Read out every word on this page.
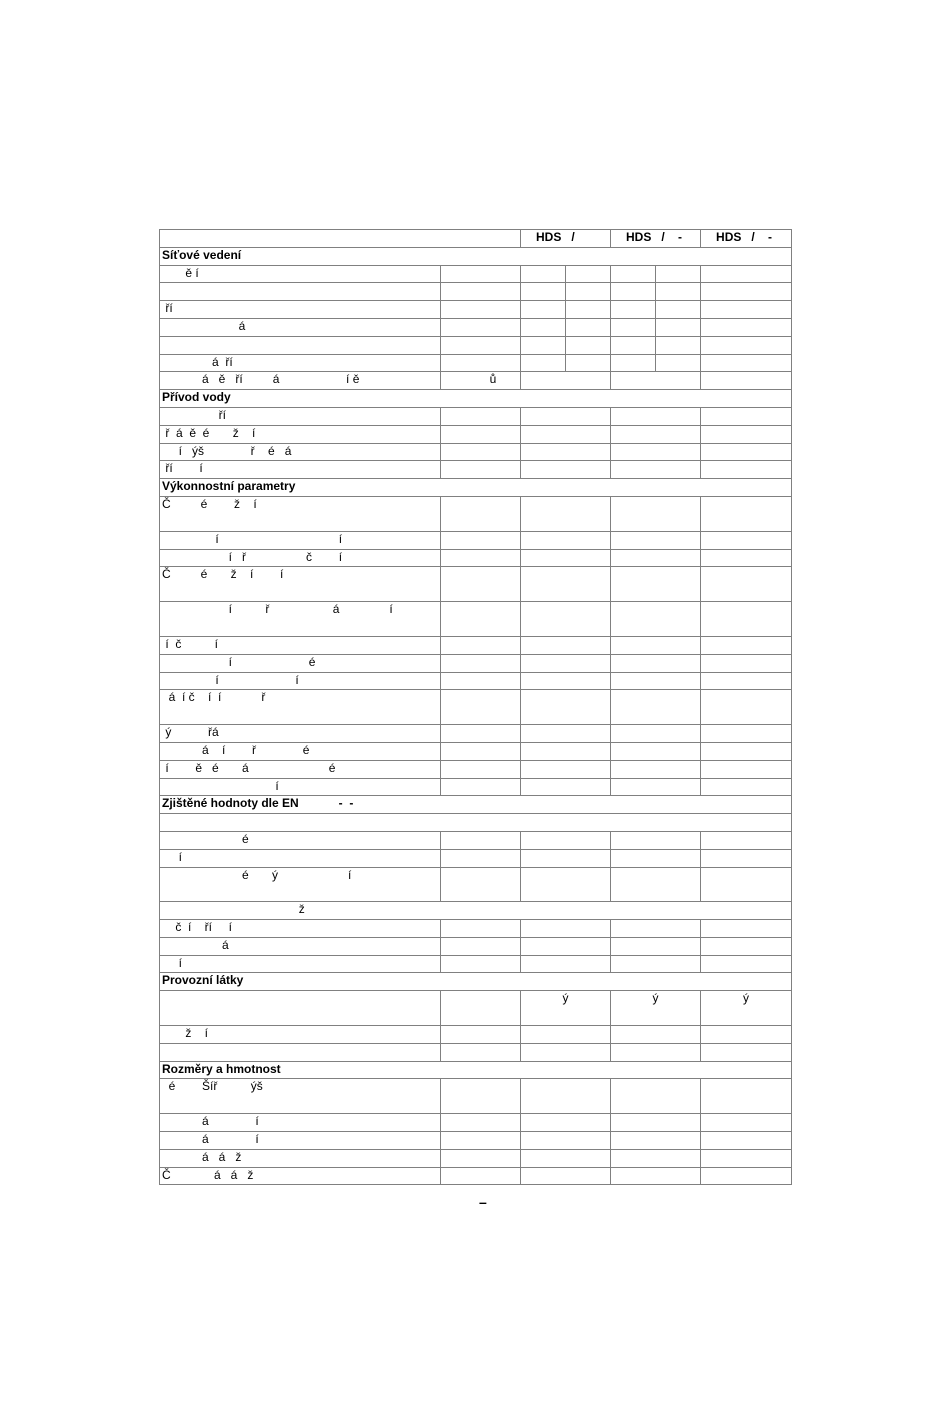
		HDS   /		HDS   /    -		HDS   /    -
Síťové vedení						
ě í						

ří						
á						

á  ří						
á   ě   ří         á                    í ě	ů					
Přívod vody						
ří						
ř  á  ě  é       ž    í						
í   ýš              ř    é   á						
ří        í						
Výkonnostní parametry						
Č         é        ž    í						
í                                    í						
í   ř                  č        í						
Č         é       ž    í        í						
í          ř                   á               í						
í  č          í						
í                       é						
í                       í						
á  í č    í  í            ř						
ý           řá						
á    í        ř              é						
í        ě   é       á                        é						
í						
Zjištěné hodnoty dle EN            -  -						

é						
í						
é       ý                     í						
ž						
č  í    ří     í						
á						
í						
Provozní látky						
		ý		ý		ý
ž    í						

Rozměry a hmotnost						
é        Šíř          ýš						
á              í						
á              í						
á   á   ž						
Č             á   á   ž						
–
